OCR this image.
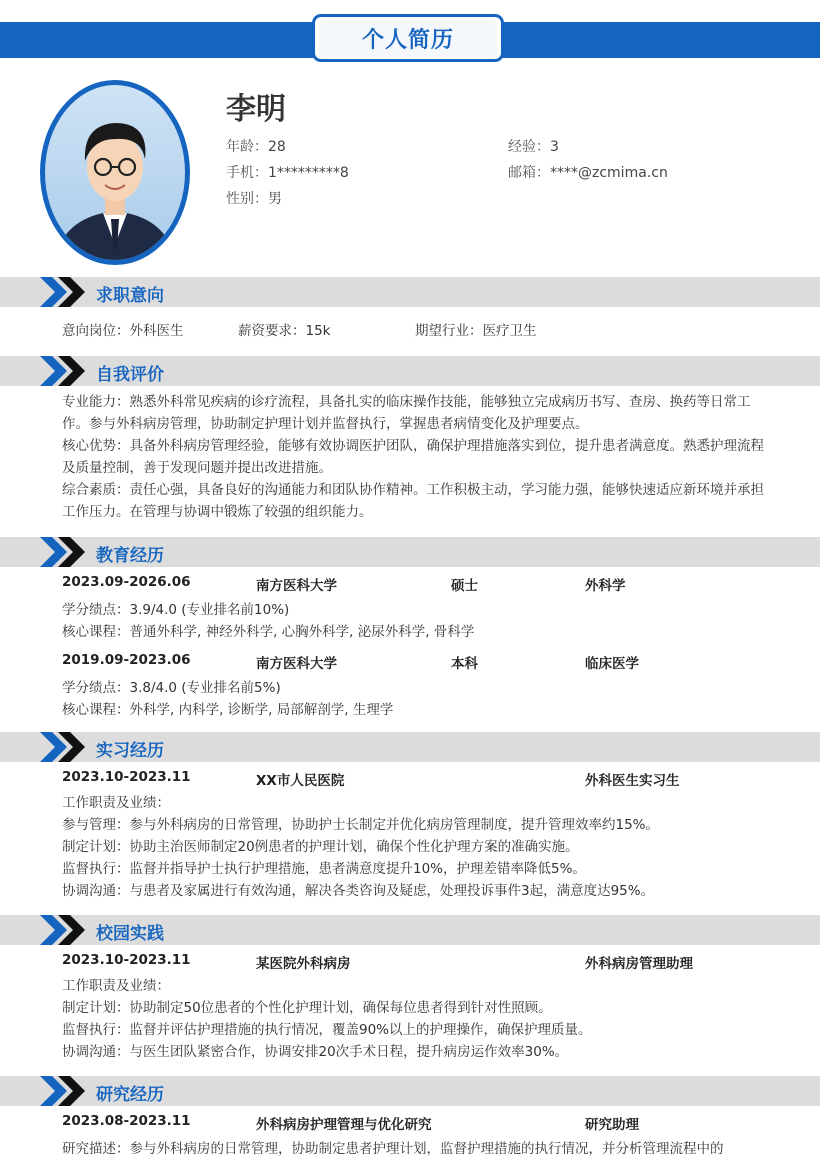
个人简历
李明
年龄：28	经验：3
手机：1*********8	邮箱：****@zcmima.cn
性别：男
求职意向
意向岗位：外科医生	薪资要求：15k	期望行业：医疗卫生
自我评价
专业能力：熟悉外科常见疾病的诊疗流程，具备扎实的临床操作技能，能够独立完成病历书写、查房、换药等日常工作。参与外科病房管理，协助制定护理计划并监督执行，掌握患者病情变化及护理要点。
核心优势：具备外科病房管理经验，能够有效协调医护团队，确保护理措施落实到位，提升患者满意度。熟悉护理流程及质量控制，善于发现问题并提出改进措施。
综合素质：责任心强，具备良好的沟通能力和团队协作精神。工作积极主动，学习能力强，能够快速适应新环境并承担工作压力。在管理与协调中锻炼了较强的组织能力。
教育经历
2023.09-2026.06	南方医科大学	硕士	外科学
学分绩点：3.9/4.0 (专业排名前10%)
核心课程：普通外科学, 神经外科学, 心胸外科学, 泌尿外科学, 骨科学
2019.09-2023.06	南方医科大学	本科	临床医学
学分绩点：3.8/4.0 (专业排名前5%)
核心课程：外科学, 内科学, 诊断学, 局部解剖学, 生理学
实习经历
2023.10-2023.11	XX市人民医院	外科医生实习生
工作职责及业绩：
参与管理：参与外科病房的日常管理，协助护士长制定并优化病房管理制度，提升管理效率约15%。
制定计划：协助主治医师制定20例患者的护理计划，确保个性化护理方案的准确实施。
监督执行：监督并指导护士执行护理措施，患者满意度提升10%，护理差错率降低5%。
协调沟通：与患者及家属进行有效沟通，解决各类咨询及疑虑，处理投诉事件3起，满意度达95%。
校园实践
2023.10-2023.11	某医院外科病房	外科病房管理助理
工作职责及业绩：
制定计划：协助制定50位患者的个性化护理计划，确保每位患者得到针对性照顾。
监督执行：监督并评估护理措施的执行情况，覆盖90%以上的护理操作，确保护理质量。
协调沟通：与医生团队紧密合作，协调安排20次手术日程，提升病房运作效率30%。
研究经历
2023.08-2023.11	外科病房护理管理与优化研究	研究助理
研究描述：参与外科病房的日常管理，协助制定患者护理计划，监督护理措施的执行情况，并分析管理流程中的
